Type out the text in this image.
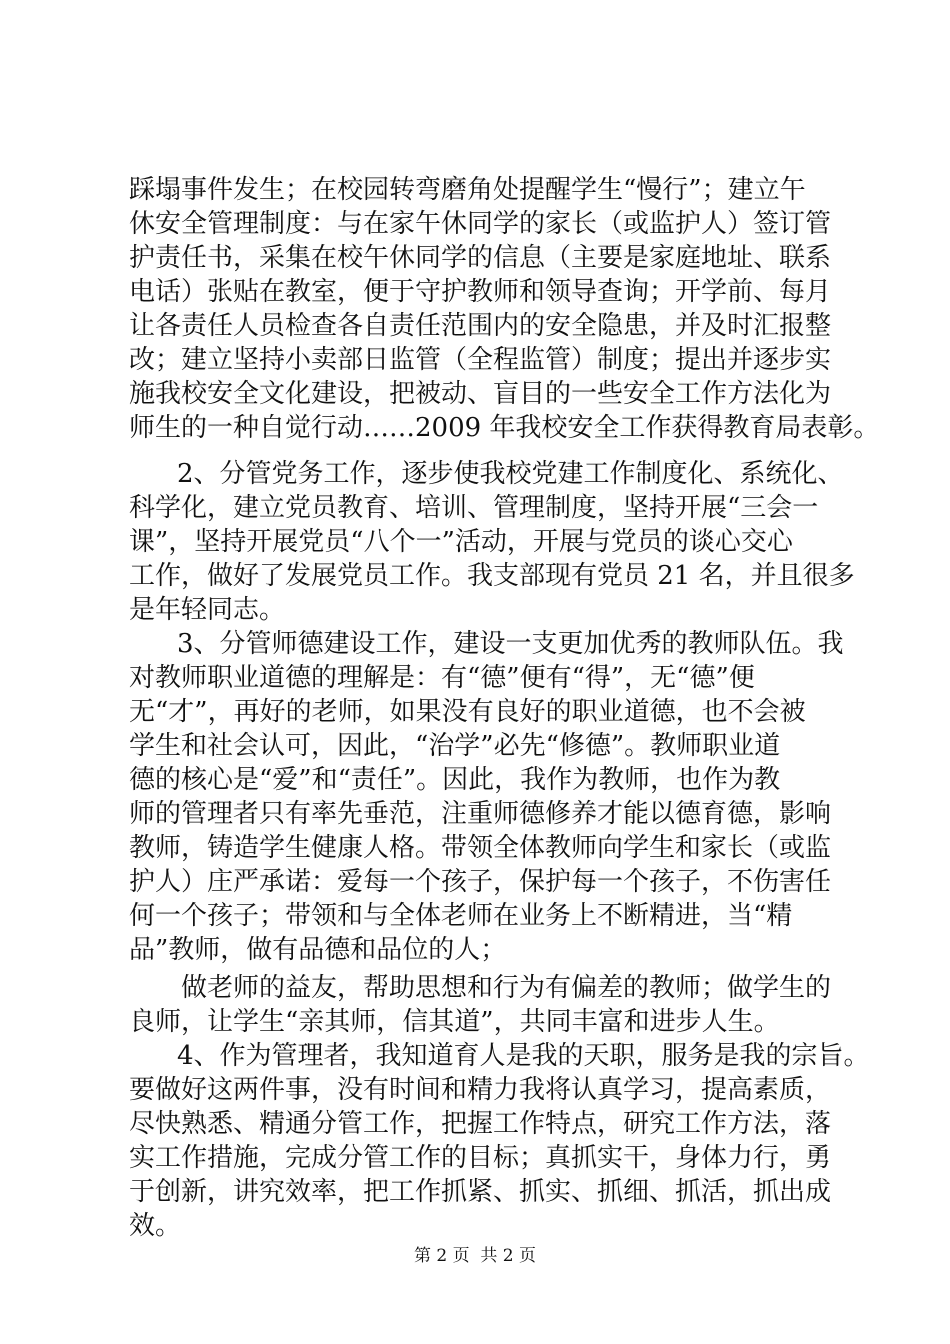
踩塌事件发生；在校园转弯磨角处提醒学生“慢行”；建立午
休安全管理制度：与在家午休同学的家长（或监护人）签订管
护责任书，采集在校午休同学的信息（主要是家庭地址、联系
电话）张贴在教室，便于守护教师和领导查询；开学前、每月
让各责任人员检查各自责任范围内的安全隐患，并及时汇报整
改；建立坚持小卖部日监管（全程监管）制度；提出并逐步实
施我校安全文化建设，把被动、盲目的一些安全工作方法化为
师生的一种自觉行动……2009 年我校安全工作获得教育局表彰。
2、分管党务工作，逐步使我校党建工作制度化、系统化、
科学化，建立党员教育、培训、管理制度，坚持开展“三会一
课”，坚持开展党员“八个一”活动，开展与党员的谈心交心
工作，做好了发展党员工作。我支部现有党员 21 名，并且很多
是年轻同志。
3、分管师德建设工作，建设一支更加优秀的教师队伍。我
对教师职业道德的理解是：有“德”便有“得”，无“德”便
无“才”，再好的老师，如果没有良好的职业道德，也不会被
学生和社会认可，因此，“治学”必先“修德”。教师职业道
德的核心是“爱”和“责任”。因此，我作为教师，也作为教
师的管理者只有率先垂范，注重师德修养才能以德育德，影响
教师，铸造学生健康人格。带领全体教师向学生和家长（或监
护人）庄严承诺：爱每一个孩子，保护每一个孩子，不伤害任
何一个孩子；带领和与全体老师在业务上不断精进，当“精
品”教师，做有品德和品位的人；
做老师的益友，帮助思想和行为有偏差的教师；做学生的
良师，让学生“亲其师，信其道”，共同丰富和进步人生。
4、作为管理者，我知道育人是我的天职，服务是我的宗旨。
要做好这两件事，没有时间和精力我将认真学习，提高素质，
尽快熟悉、精通分管工作，把握工作特点，研究工作方法，落
实工作措施，完成分管工作的目标；真抓实干，身体力行，勇
于创新，讲究效率，把工作抓紧、抓实、抓细、抓活，抓出成
效。
第 2 页  共 2 页
